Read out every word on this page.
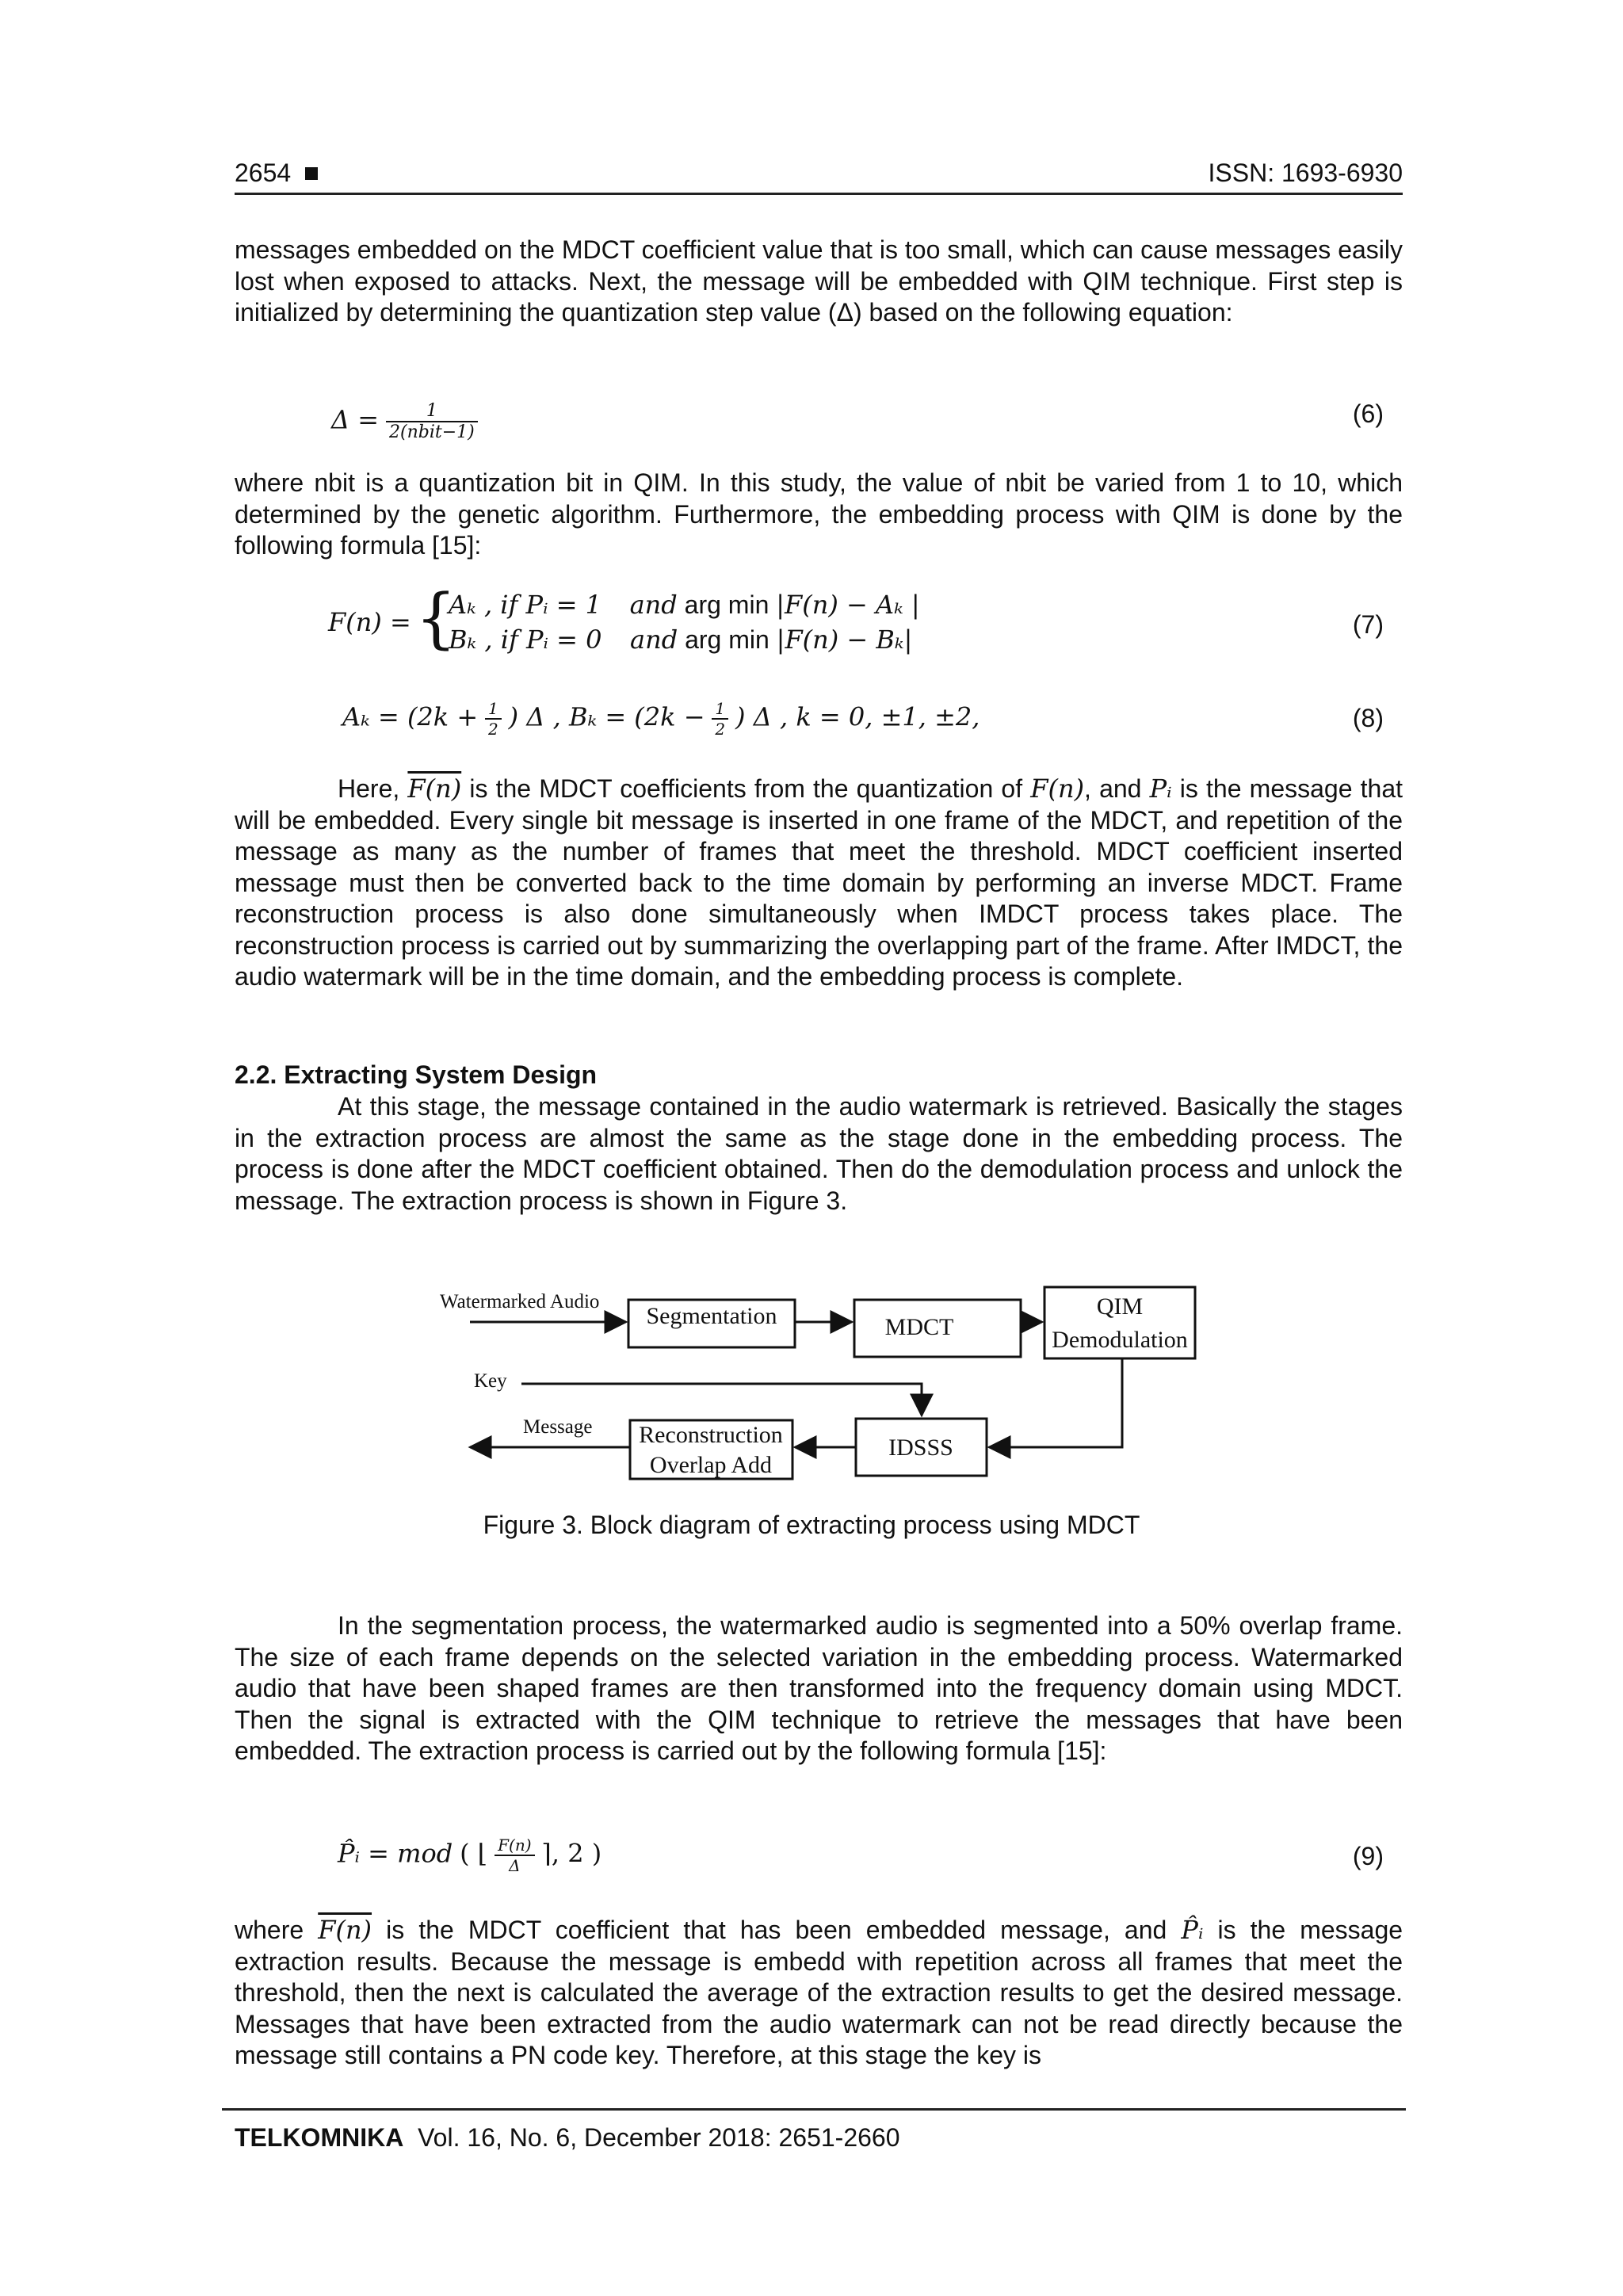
2654	ISSN: 1693-6930

messages embedded on the MDCT coefficient value that is too small, which can cause messages easily lost when exposed to attacks. Next, the message will be embedded with QIM technique. First step is initialized by determining the quantization step value (Δ) based on the following equation:

$\Delta = \frac{1}{\text{2(nbit−1)}}$	(6)

where nbit is a quantization bit in QIM. In this study, the value of nbit be varied from 1 to 10, which determined by the genetic algorithm. Furthermore, the embedding process with QIM is done by the following formula [15]:

F(n) = {
Aₖ , if Pᵢ = 1 and arg min |F(n) − Aₖ |
Bₖ , if Pᵢ = 0 and arg min |F(n) − Bₖ|	(7)
$A_k = (2k + \frac{1}{2}$ ) Δ , $B_k = (2k - \frac{1}{2}$ ) Δ , k = 0, ±1, ±2,	(8)

Here, F(n) is the MDCT coefficients from the quantization of F(n), and Pᵢ is the message that will be embedded. Every single bit message is inserted in one frame of the MDCT, and repetition of the message as many as the number of frames that meet the threshold. MDCT coefficient inserted message must then be converted back to the time domain by performing an inverse MDCT. Frame reconstruction process is also done simultaneously when IMDCT process takes place. The reconstruction process is carried out by summarizing the overlapping part of the frame. After IMDCT, the audio watermark will be in the time domain, and the embedding process is complete.

2.2. Extracting System Design

At this stage, the message contained in the audio watermark is retrieved. Basically the stages in the extraction process are almost the same as the stage done in the embedding process. The process is done after the MDCT coefficient obtained. Then do the demodulation process and unlock the message. The extraction process is shown in Figure 3.

Watermarked Audio
Key
Message
Segmentation	MDCT
QIM
Demodulation
IDSSS
Reconstruction
Overlap Add
Figure 3. Block diagram of extracting process using MDCT

In the segmentation process, the watermarked audio is segmented into a 50% overlap frame. The size of each frame depends on the selected variation in the embedding process. Watermarked audio that have been shaped frames are then transformed into the frequency domain using MDCT. Then the signal is extracted with the QIM technique to retrieve the messages that have been embedded. The extraction process is carried out by the following formula [15]:

P̂ᵢ = mod ( ⌊ $\frac{F(n)}{\Delta}$ ⌉, 2 )	(9)

where F(n) is the MDCT coefficient that has been embedded message, and P̂ᵢ is the message extraction results. Because the message is embedd with repetition across all frames that meet the threshold, then the next is calculated the average of the extraction results to get the desired message. Messages that have been extracted from the audio watermark can not be read directly because the message still contains a PN code key. Therefore, at this stage the key is

TELKOMNIKA Vol. 16, No. 6, December 2018: 2651-2660
